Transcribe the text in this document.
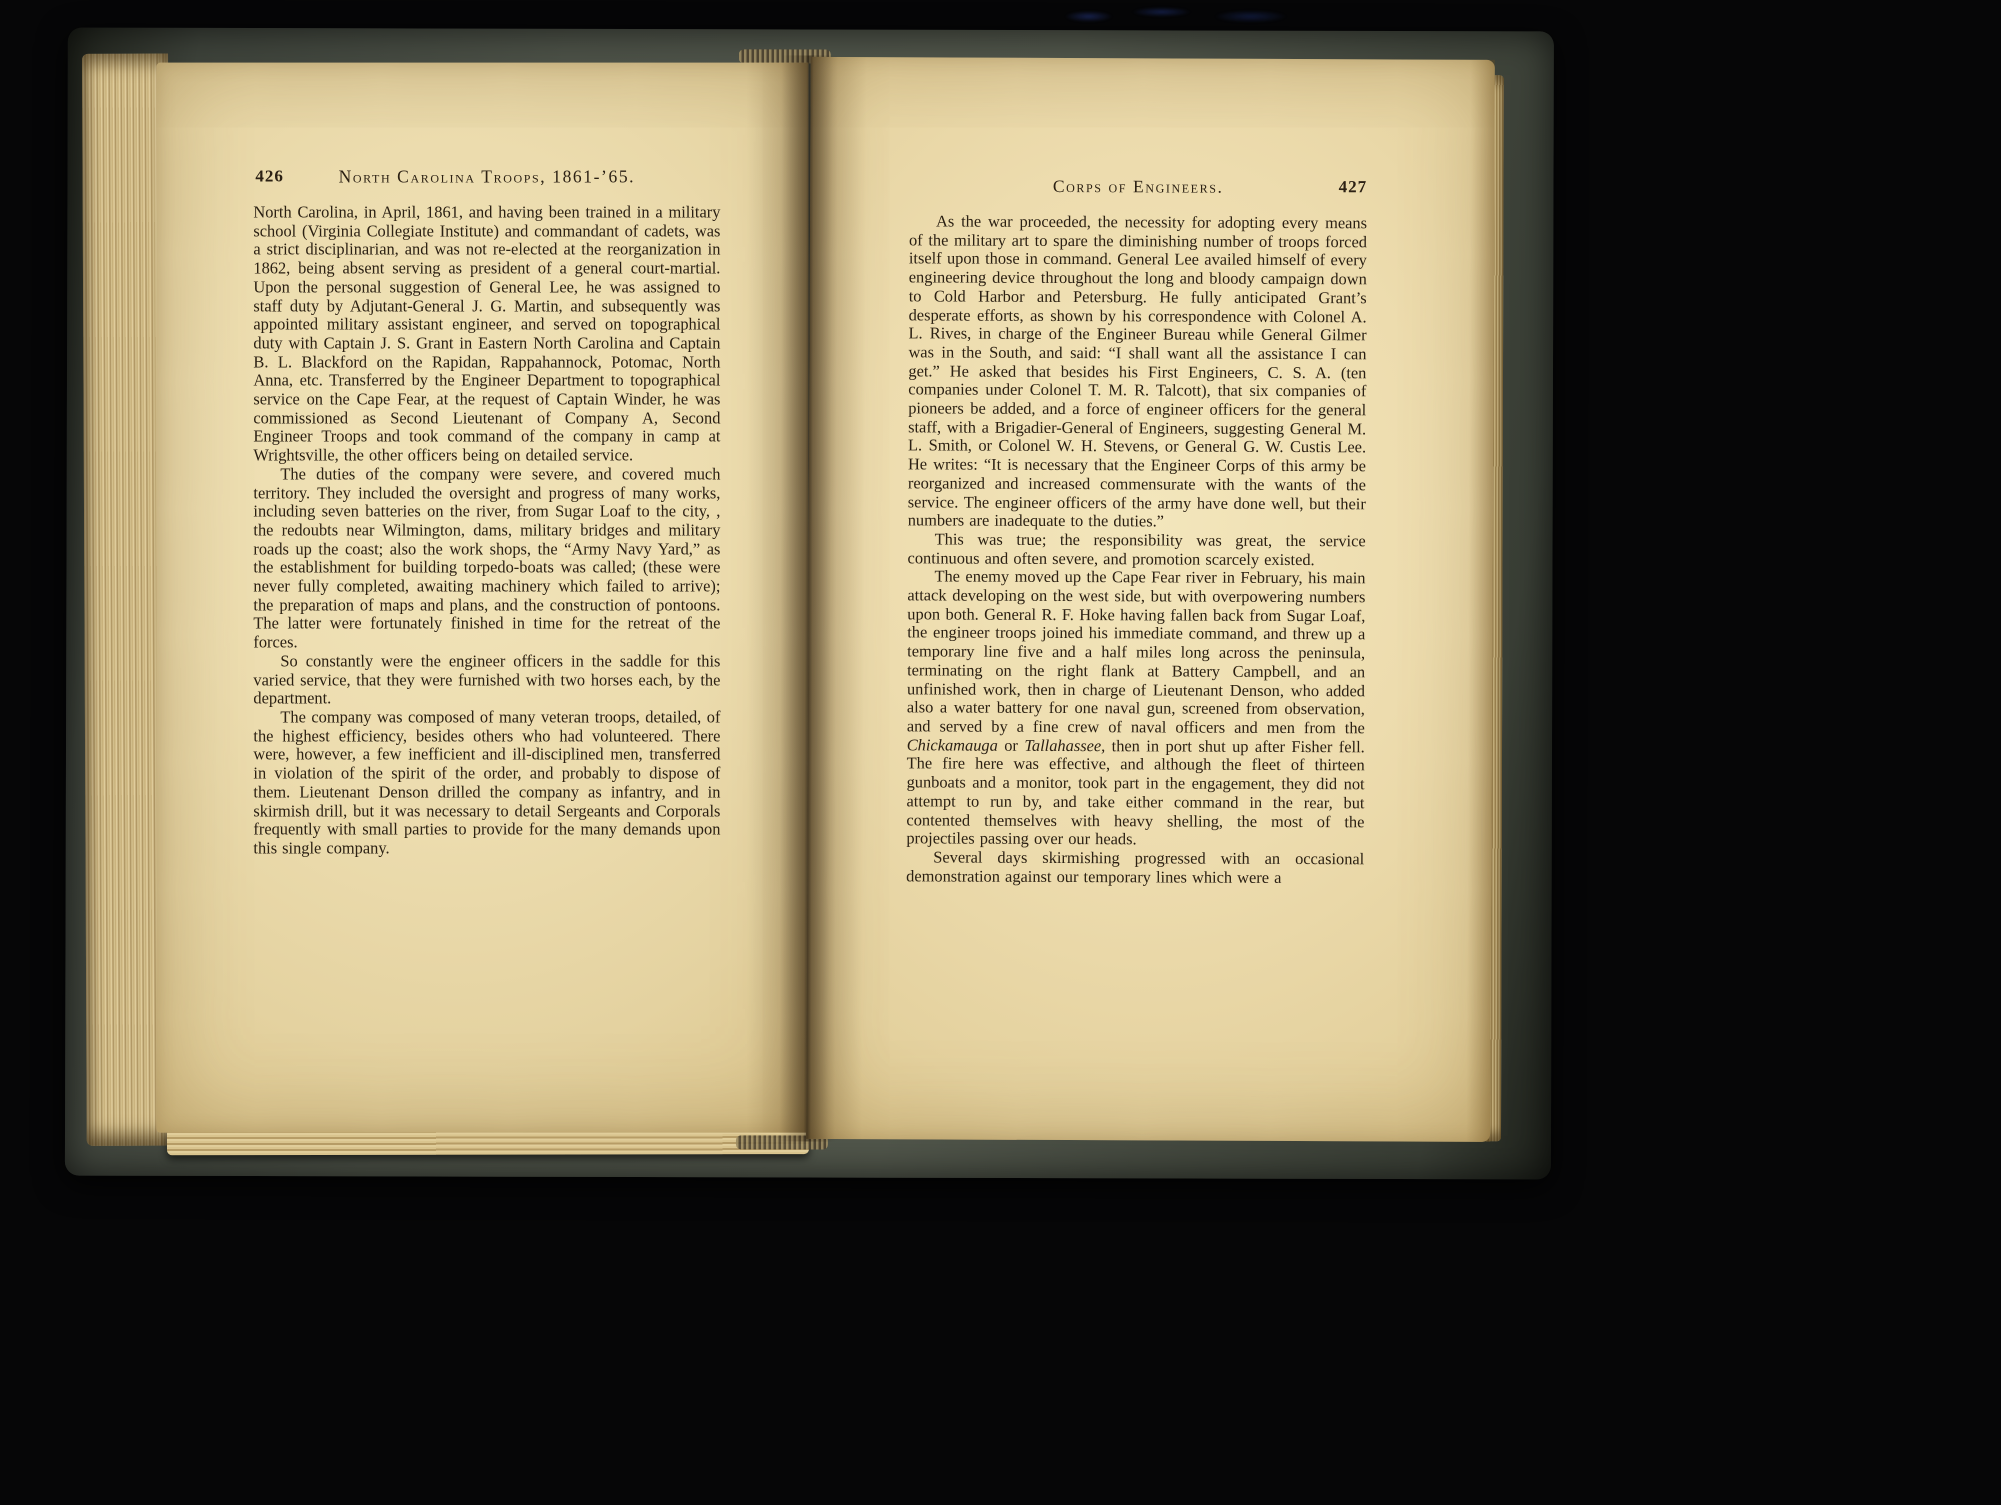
426	North Carolina Troops, 1861-’65.

North Carolina, in April, 1861, and having been trained in a military school (Virginia Collegiate Institute) and commandant of cadets, was a strict disciplinarian, and was not re-elected at the reorganization in 1862, being absent serving as president of a general court-martial. Upon the personal suggestion of General Lee, he was assigned to staff duty by Adjutant-General J. G. Martin, and subsequently was appointed military assistant engineer, and served on topographical duty with Captain J. S. Grant in Eastern North Carolina and Captain B. L. Blackford on the Rapidan, Rappahannock, Potomac, North Anna, etc. Transferred by the Engineer Department to topographical service on the Cape Fear, at the request of Captain Winder, he was commissioned as Second Lieutenant of Company A, Second Engineer Troops and took command of the company in camp at Wrightsville, the other officers being on detailed service.

The duties of the company were severe, and covered much territory. They included the oversight and progress of many works, including seven batteries on the river, from Sugar Loaf to the city, , the redoubts near Wilmington, dams, military bridges and military roads up the coast; also the work shops, the “Army Navy Yard,” as the establishment for building torpedo-boats was called; (these were never fully completed, awaiting machinery which failed to arrive); the preparation of maps and plans, and the construction of pontoons. The latter were fortunately finished in time for the retreat of the forces.

So constantly were the engineer officers in the saddle for this varied service, that they were furnished with two horses each, by the department.

The company was composed of many veteran troops, detailed, of the highest efficiency, besides others who had volunteered. There were, however, a few inefficient and ill-disciplined men, transferred in violation of the spirit of the order, and probably to dispose of them. Lieutenant Denson drilled the company as infantry, and in skirmish drill, but it was necessary to detail Sergeants and Corporals frequently with small parties to provide for the many demands upon this single company.

Corps of Engineers.	427

As the war proceeded, the necessity for adopting every means of the military art to spare the diminishing number of troops forced itself upon those in command. General Lee availed himself of every engineering device throughout the long and bloody campaign down to Cold Harbor and Petersburg. He fully anticipated Grant’s desperate efforts, as shown by his correspondence with Colonel A. L. Rives, in charge of the Engineer Bureau while General Gilmer was in the South, and said: “I shall want all the assistance I can get.” He asked that besides his First Engineers, C. S. A. (ten companies under Colonel T. M. R. Talcott), that six companies of pioneers be added, and a force of engineer officers for the general staff, with a Brigadier-General of Engineers, suggesting General M. L. Smith, or Colonel W. H. Stevens, or General G. W. Custis Lee. He writes: “It is necessary that the Engineer Corps of this army be reorganized and increased commensurate with the wants of the service. The engineer officers of the army have done well, but their numbers are inadequate to the duties.”

This was true; the responsibility was great, the service continuous and often severe, and promotion scarcely existed.

The enemy moved up the Cape Fear river in February, his main attack developing on the west side, but with overpowering numbers upon both. General R. F. Hoke having fallen back from Sugar Loaf, the engineer troops joined his immediate command, and threw up a temporary line five and a half miles long across the peninsula, terminating on the right flank at Battery Campbell, and an unfinished work, then in charge of Lieutenant Denson, who added also a water battery for one naval gun, screened from observation, and served by a fine crew of naval officers and men from the Chickamauga or Tallahassee, then in port shut up after Fisher fell. The fire here was effective, and although the fleet of thirteen gunboats and a monitor, took part in the engagement, they did not attempt to run by, and take either command in the rear, but contented themselves with heavy shelling, the most of the projectiles passing over our heads.

Several days skirmishing progressed with an occasional demonstration against our temporary lines which were a
